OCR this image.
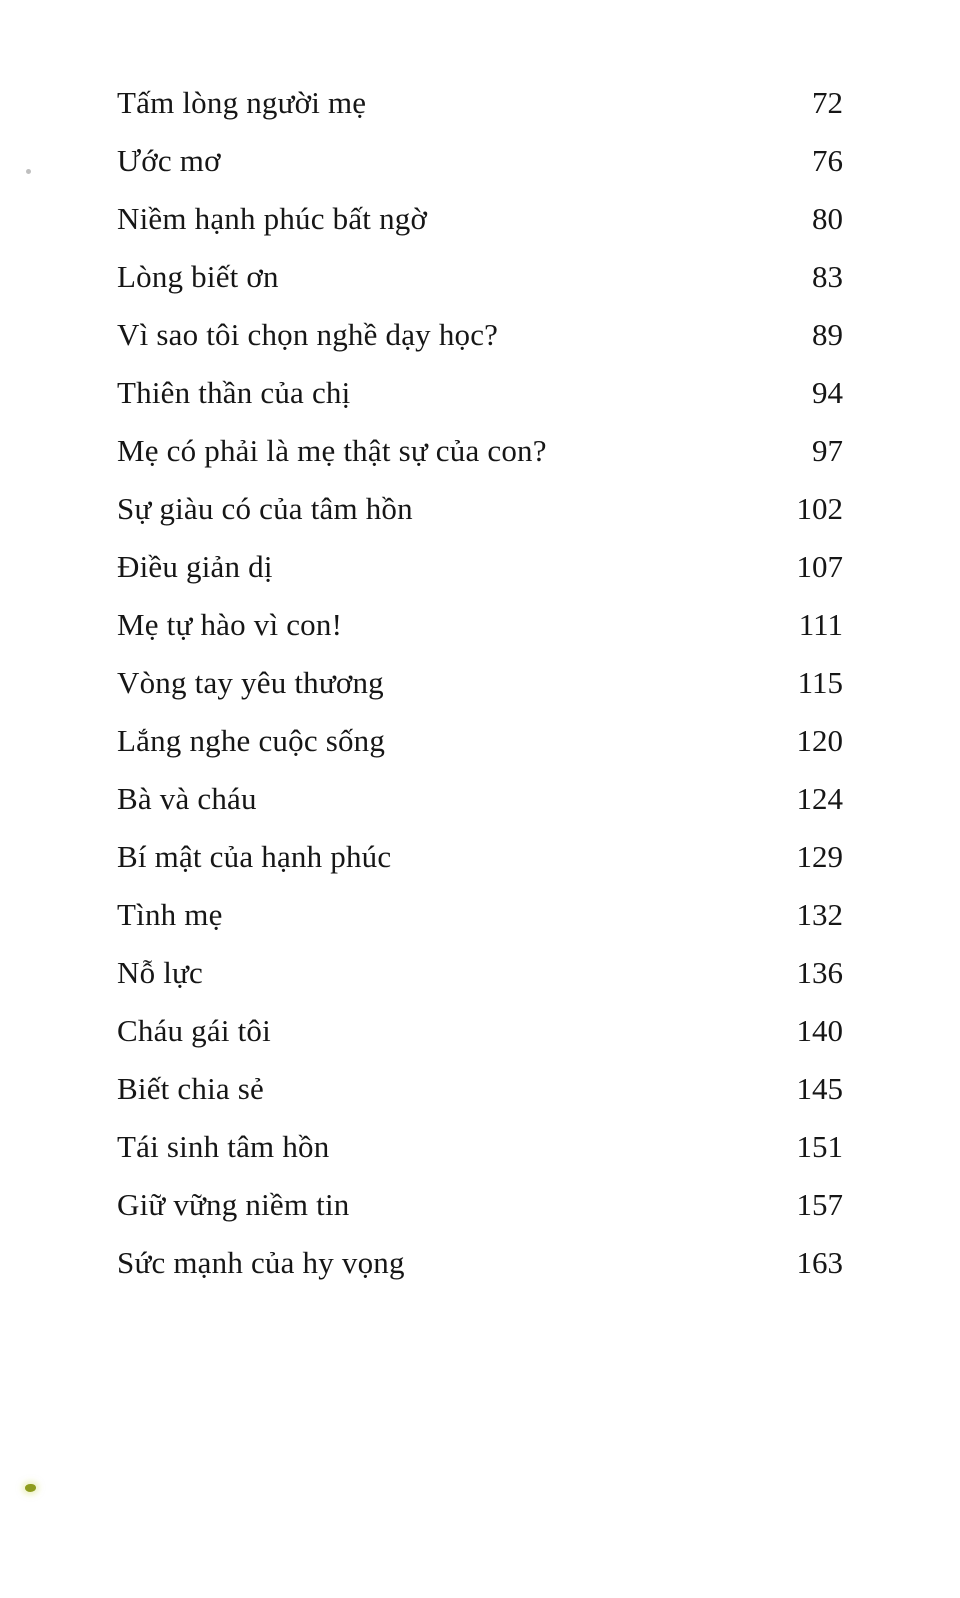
Tấm lòng người mẹ	72
Ước mơ	76
Niềm hạnh phúc bất ngờ	80
Lòng biết ơn	83
Vì sao tôi chọn nghề dạy học?	89
Thiên thần của chị	94
Mẹ có phải là mẹ thật sự của con?	97
Sự giàu có của tâm hồn	102
Điều giản dị	107
Mẹ tự hào vì con!	111
Vòng tay yêu thương	115
Lắng nghe cuộc sống	120
Bà và cháu	124
Bí mật của hạnh phúc	129
Tình mẹ	132
Nỗ lực	136
Cháu gái tôi	140
Biết chia sẻ	145
Tái sinh tâm hồn	151
Giữ vững niềm tin	157
Sức mạnh của hy vọng	163
